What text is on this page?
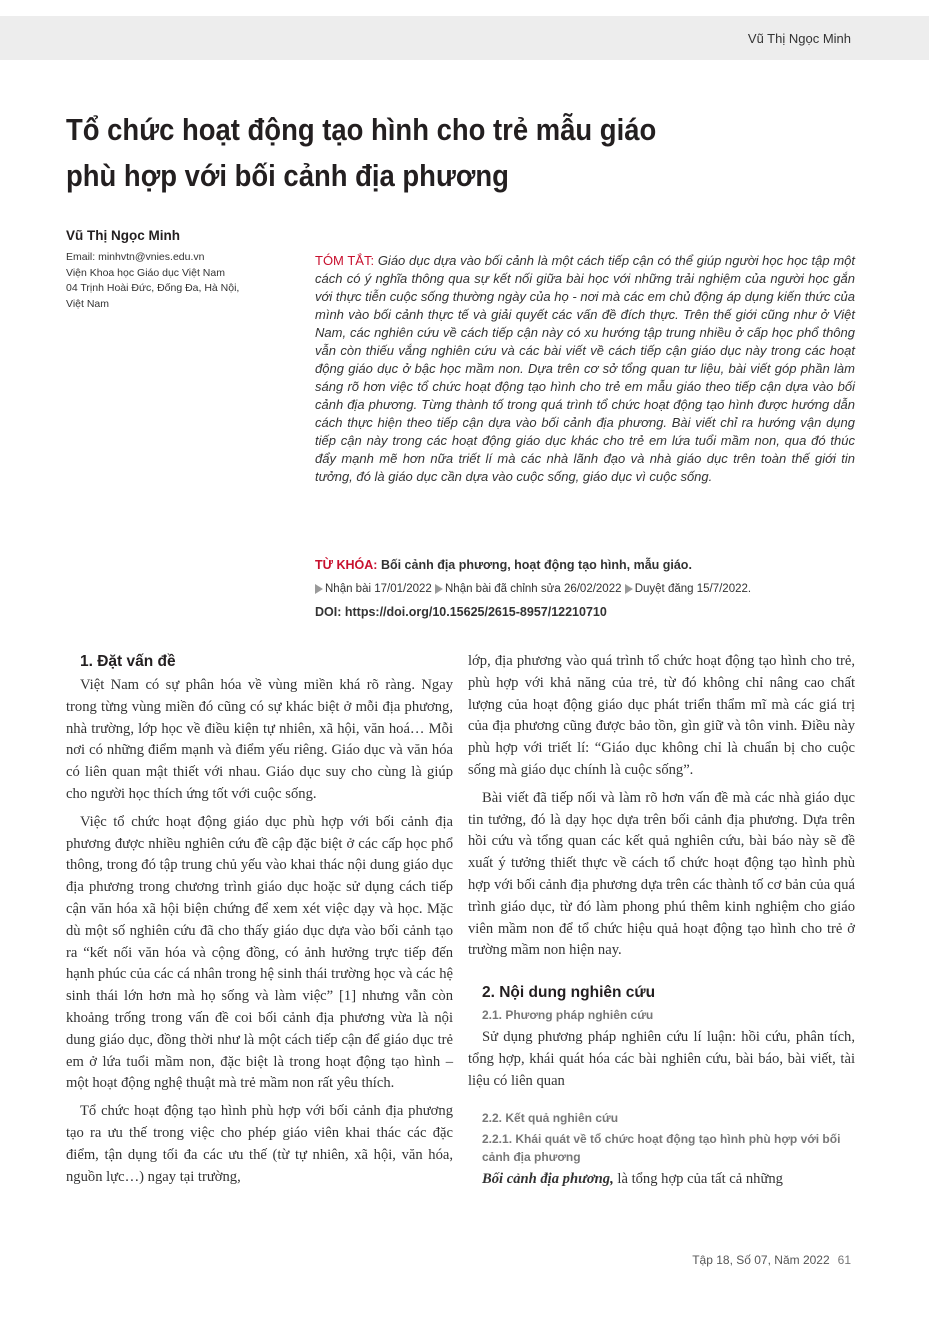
Vũ Thị Ngọc Minh
Tổ chức hoạt động tạo hình cho trẻ mẫu giáo
phù hợp với bối cảnh địa phương
Vũ Thị Ngọc Minh
Email: minhvtn@vnies.edu.vn
Viện Khoa học Giáo dục Việt Nam
04 Trịnh Hoài Đức, Đống Đa, Hà Nội,
Việt Nam
TÓM TẮT: Giáo dục dựa vào bối cảnh là một cách tiếp cận có thể giúp người học học tập một cách có ý nghĩa thông qua sự kết nối giữa bài học với những trải nghiệm của người học gắn với thực tiễn cuộc sống thường ngày của họ - nơi mà các em chủ động áp dụng kiến thức của mình vào bối cảnh thực tế và giải quyết các vấn đề đích thực. Trên thế giới cũng như ở Việt Nam, các nghiên cứu về cách tiếp cận này có xu hướng tập trung nhiều ở cấp học phổ thông vẫn còn thiếu vắng nghiên cứu và các bài viết về cách tiếp cận giáo dục này trong các hoạt động giáo dục ở bậc học mầm non. Dựa trên cơ sở tổng quan tư liệu, bài viết góp phần làm sáng rõ hơn việc tổ chức hoạt động tạo hình cho trẻ em mẫu giáo theo tiếp cận dựa vào bối cảnh địa phương. Từng thành tố trong quá trình tổ chức hoạt động tạo hình được hướng dẫn cách thực hiện theo tiếp cận dựa vào bối cảnh địa phương. Bài viết chỉ ra hướng vận dụng tiếp cận này trong các hoạt động giáo dục khác cho trẻ em lứa tuổi mầm non, qua đó thúc đẩy mạnh mẽ hơn nữa triết lí mà các nhà lãnh đạo và nhà giáo dục trên toàn thế giới tin tưởng, đó là giáo dục cần dựa vào cuộc sống, giáo dục vì cuộc sống.
TỪ KHÓA: Bối cảnh địa phương, hoạt động tạo hình, mẫu giáo.
Nhận bài 17/01/2022 Nhận bài đã chỉnh sửa 26/02/2022 Duyệt đăng 15/7/2022.
DOI: https://doi.org/10.15625/2615-8957/12210710
1. Đặt vấn đề

Việt Nam có sự phân hóa về vùng miền khá rõ ràng. Ngay trong từng vùng miền đó cũng có sự khác biệt ở mỗi địa phương, nhà trường, lớp học về điều kiện tự nhiên, xã hội, văn hoá… Mỗi nơi có những điểm mạnh và điểm yếu riêng. Giáo dục và văn hóa có liên quan mật thiết với nhau. Giáo dục suy cho cùng là giúp cho người học thích ứng tốt với cuộc sống.

Việc tổ chức hoạt động giáo dục phù hợp với bối cảnh địa phương được nhiều nghiên cứu đề cập đặc biệt ở các cấp học phổ thông, trong đó tập trung chủ yếu vào khai thác nội dung giáo dục địa phương trong chương trình giáo dục hoặc sử dụng cách tiếp cận văn hóa xã hội biện chứng để xem xét việc dạy và học. Mặc dù một số nghiên cứu đã cho thấy giáo dục dựa vào bối cảnh tạo ra “kết nối văn hóa và cộng đồng, có ảnh hưởng trực tiếp đến hạnh phúc của các cá nhân trong hệ sinh thái trường học và các hệ sinh thái lớn hơn mà họ sống và làm việc” [1] nhưng vẫn còn khoảng trống trong vấn đề coi bối cảnh địa phương vừa là nội dung giáo dục, đồng thời như là một cách tiếp cận để giáo dục trẻ em ở lứa tuổi mầm non, đặc biệt là trong hoạt động tạo hình – một hoạt động nghệ thuật mà trẻ mầm non rất yêu thích.

Tổ chức hoạt động tạo hình phù hợp với bối cảnh địa phương tạo ra ưu thế trong việc cho phép giáo viên khai thác các đặc điểm, tận dụng tối đa các ưu thế (từ tự nhiên, xã hội, văn hóa, nguồn lực…) ngay tại trường,

lớp, địa phương vào quá trình tổ chức hoạt động tạo hình cho trẻ, phù hợp với khả năng của trẻ, từ đó không chỉ nâng cao chất lượng của hoạt động giáo dục phát triển thẩm mĩ mà các giá trị của địa phương cũng được bảo tồn, gìn giữ và tôn vinh. Điều này phù hợp với triết lí: “Giáo dục không chỉ là chuẩn bị cho cuộc sống mà giáo dục chính là cuộc sống”.

Bài viết đã tiếp nối và làm rõ hơn vấn đề mà các nhà giáo dục tin tưởng, đó là dạy học dựa trên bối cảnh địa phương. Dựa trên hồi cứu và tổng quan các kết quả nghiên cứu, bài báo này sẽ đề xuất ý tưởng thiết thực về cách tổ chức hoạt động tạo hình phù hợp với bối cảnh địa phương dựa trên các thành tố cơ bản của quá trình giáo dục, từ đó làm phong phú thêm kinh nghiệm cho giáo viên mầm non để tổ chức hiệu quả hoạt động tạo hình cho trẻ ở trường mầm non hiện nay.

2. Nội dung nghiên cứu
2.1. Phương pháp nghiên cứu

Sử dụng phương pháp nghiên cứu lí luận: hồi cứu, phân tích, tổng hợp, khái quát hóa các bài nghiên cứu, bài báo, bài viết, tài liệu có liên quan

2.2. Kết quả nghiên cứu
2.2.1. Khái quát về tổ chức hoạt động tạo hình phù hợp với bối cảnh địa phương

Bối cảnh địa phương, là tổng hợp của tất cả những

Tập 18, Số 07, Năm 2022 61
